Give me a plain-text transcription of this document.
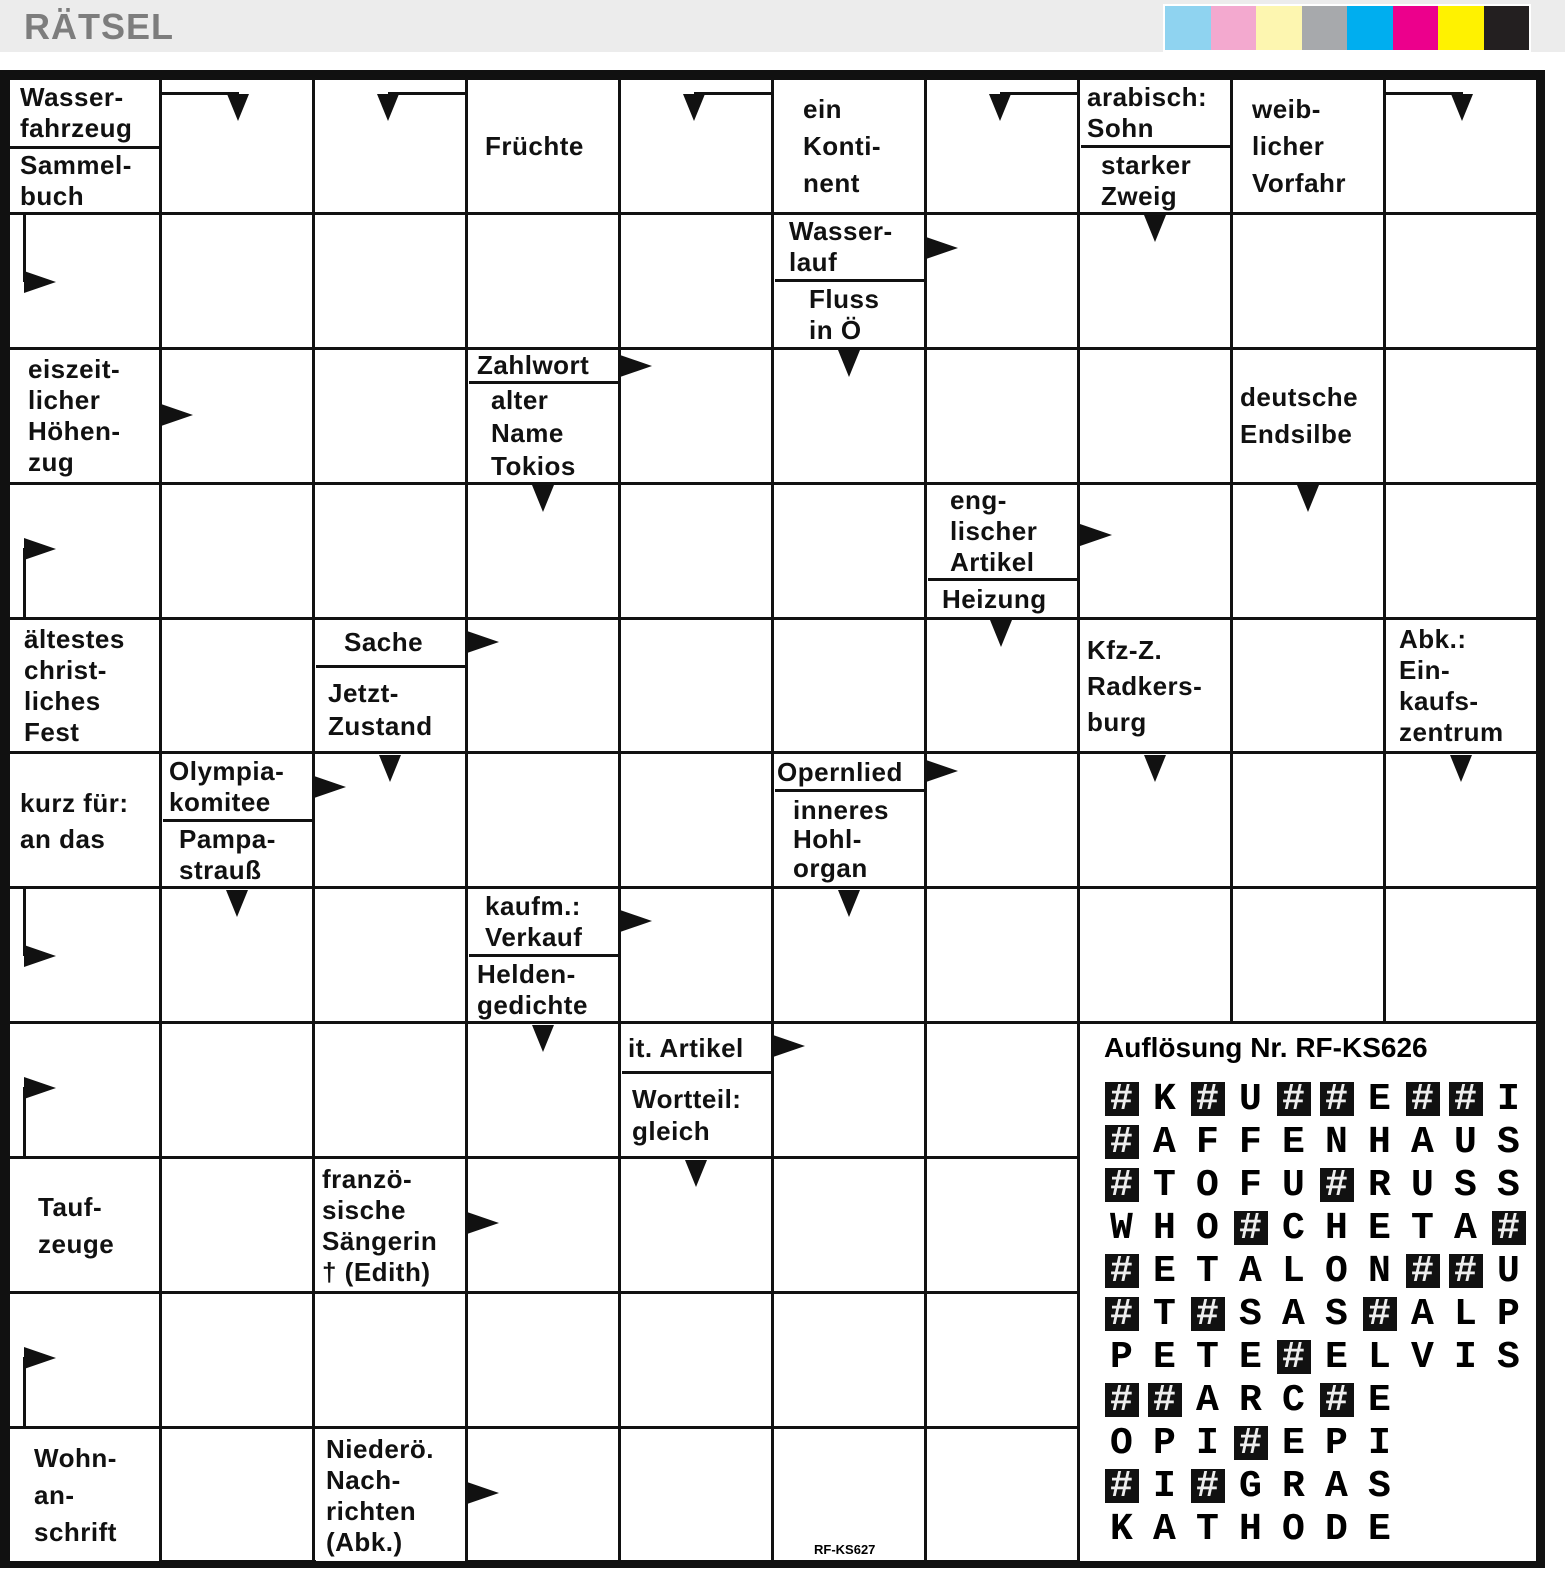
RÄTSEL
Wasser-
fahrzeug
Sammel-
buch
Früchte
ein
Konti-
nent
arabisch:
Sohn
starker
Zweig
weib-
licher
Vorfahr
Wasser-
lauf
Fluss
in Ö
eiszeit-
licher
Höhen-
zug
Zahlwort
alter
Name
Tokios
deutsche
Endsilbe
eng-
lischer
Artikel
Heizung
ältestes
christ-
liches
Fest
Sache
Jetzt-
Zustand
Kfz-Z.
Radkers-
burg
Abk.:
Ein-
kaufs-
zentrum
kurz für:
an das
Olympia-
komitee
Pampa-
strauß
Opernlied
inneres
Hohl-
organ
kaufm.:
Verkauf
Helden-
gedichte
it. Artikel
Wortteil:
gleich
Tauf-
zeuge
franzö-
sische
Sängerin
† (Edith)
Wohn-
an-
schrift
Niederö.
Nach-
richten
(Abk.)
Auflösung Nr. RF-KS626
#K#U##E##I
#AFFENHAUS
#TOFU#RUSS
WHO#CHETA#
#ETALON##U
#T#SAS#ALP
PETE#ELVIS
##ARC#E
OPI#EPI
#I#GRAS
KATHODE
RF-KS627
